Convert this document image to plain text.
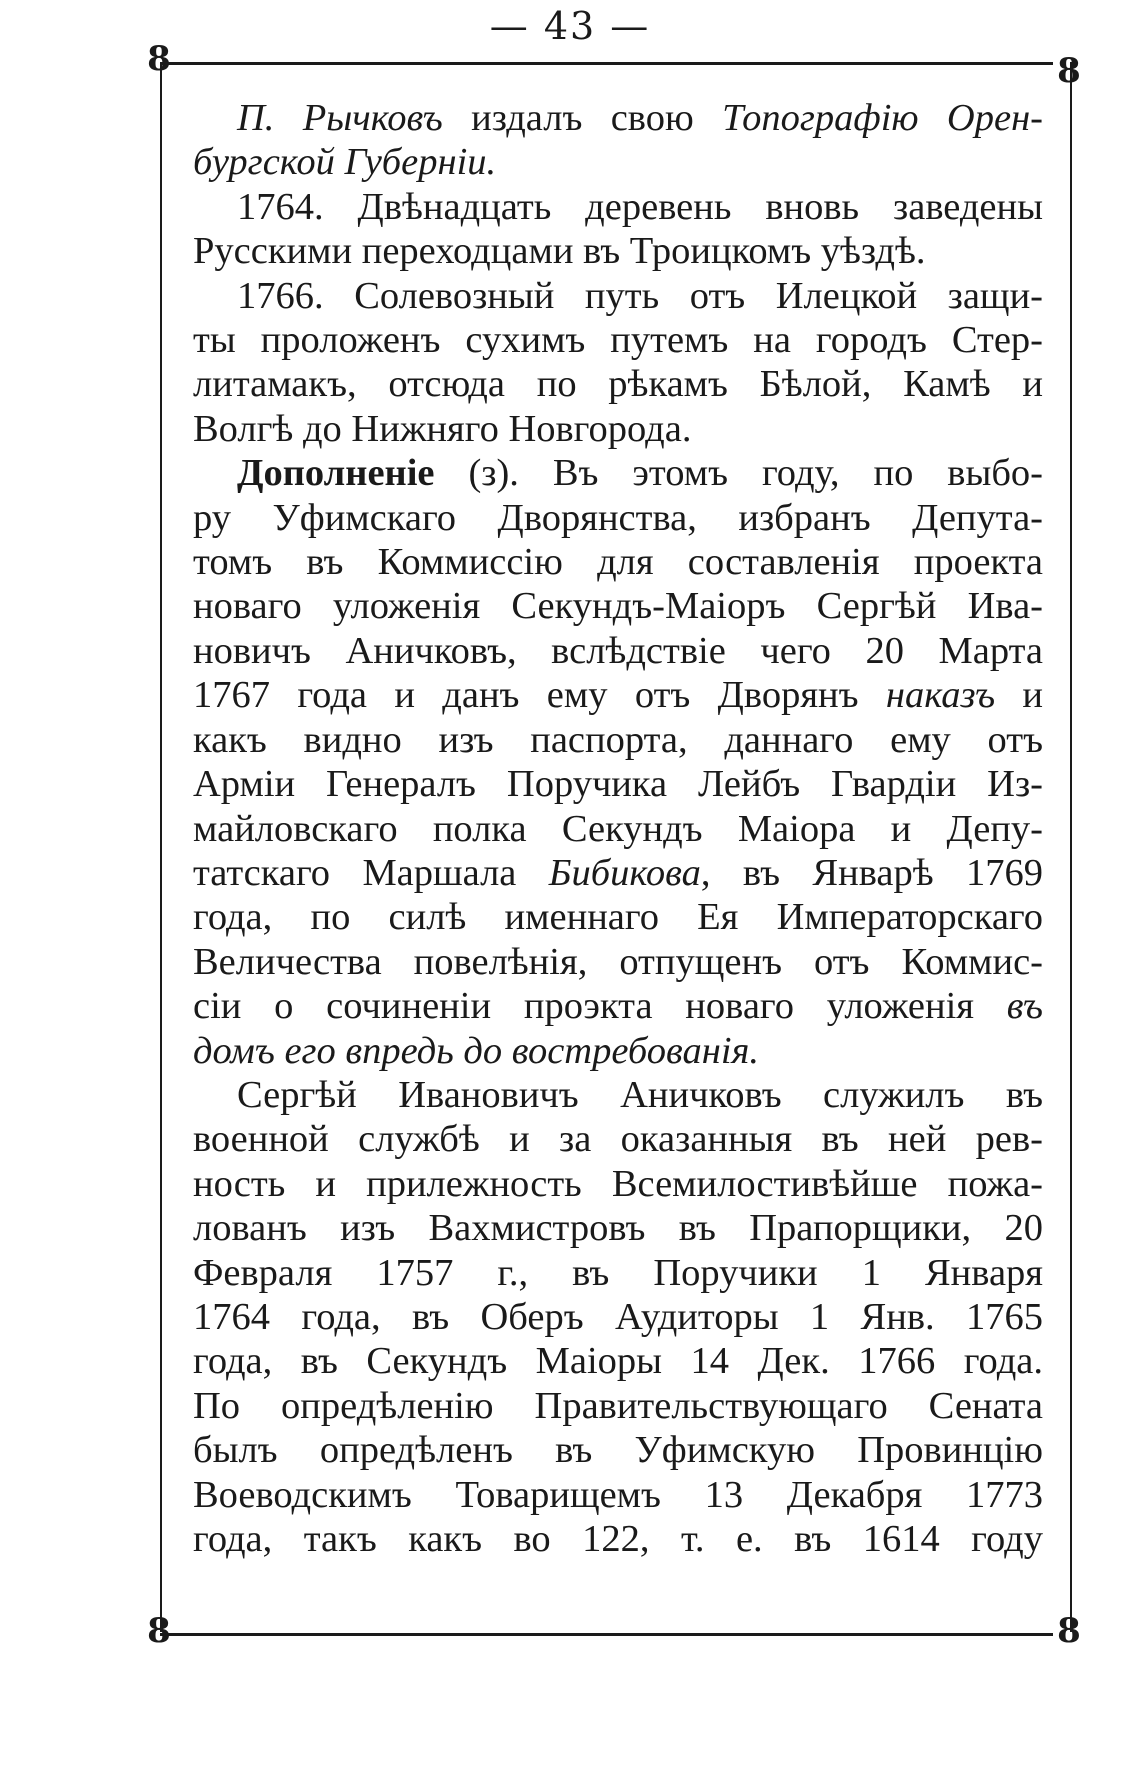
— 43 —
8	8
8	8

П. Рычковъ издалъ свою Топографію Орен-
бургской Губерніи.

1764. Двѣнадцать деревень вновь заведены
Русскими переходцами въ Троицкомъ уѣздѣ.

1766. Солевозный путь отъ Илецкой защи-
ты проложенъ сухимъ путемъ на городъ Стер-
литамакъ, отсюда по рѣкамъ Бѣлой, Камѣ и
Волгѣ до Нижняго Новгорода.

Дополненіе (з). Въ этомъ году, по выбо-
ру Уфимскаго Дворянства, избранъ Депута-
томъ въ Коммиссію для составленія проекта
новаго уложенія Секундъ-Маіоръ Сергѣй Ива-
новичъ Аничковъ, вслѣдствіе чего 20 Марта
1767 года и данъ ему отъ Дворянъ наказъ и
какъ видно изъ паспорта, даннаго ему отъ
Арміи Генералъ Поручика Лейбъ Гвардіи Из-
майловскаго полка Секундъ Маіора и Депу-
татскаго Маршала Бибикова, въ Январѣ 1769
года, по силѣ именнаго Ея Императорскаго
Величества повелѣнія, отпущенъ отъ Коммис-
сіи о сочиненіи проэкта новаго уложенія въ
домъ его впредь до востребованія.

Сергѣй Ивановичъ Аничковъ служилъ въ
военной службѣ и за оказанныя въ ней рев-
ность и прилежность Всемилостивѣйше пожа-
лованъ изъ Вахмистровъ въ Прапорщики, 20
Февраля 1757 г., въ Поручики 1 Января
1764 года, въ Оберъ Аудиторы 1 Янв. 1765
года, въ Секундъ Маіоры 14 Дек. 1766 года.
По опредѣленію Правительствующаго Сената
былъ опредѣленъ въ Уфимскую Провинцію
Воеводскимъ Товарищемъ 13 Декабря 1773
года, такъ какъ во 122, т. е. въ 1614 году
